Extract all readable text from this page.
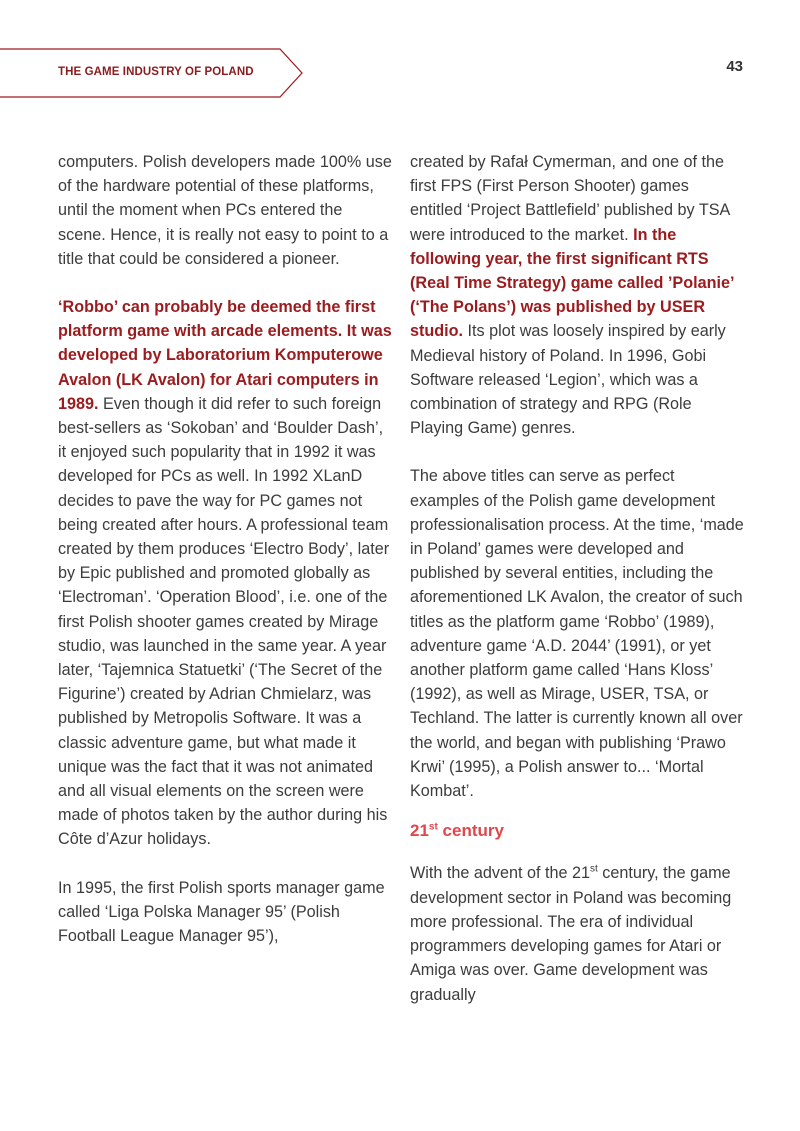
THE GAME INDUSTRY OF POLAND	43

computers. Polish developers made 100% use of the hardware potential of these platforms, until the moment when PCs entered the scene. Hence, it is really not easy to point to a title that could be considered a pioneer.

‘Robbo’ can probably be deemed the first platform game with arcade elements. It was developed by Laboratorium Komputerowe Avalon (LK Avalon) for Atari computers in 1989. Even though it did refer to such foreign best-sellers as ‘Sokoban’ and ‘Boulder Dash’, it enjoyed such popularity that in 1992 it was developed for PCs as well. In 1992 XLanD decides to pave the way for PC games not being created after hours. A professional team created by them produces ‘Electro Body’, later by Epic published and promoted globally as ‘Electroman’. ‘Operation Blood’, i.e. one of the first Polish shooter games created by Mirage studio, was launched in the same year. A year later, ‘Tajemnica Statuetki’ (‘The Secret of the Figurine’) created by Adrian Chmielarz, was published by Metropolis Software. It was a classic adventure game, but what made it unique was the fact that it was not animated and all visual elements on the screen were made of photos taken by the author during his Côte d’Azur holidays.

In 1995, the first Polish sports manager game called ‘Liga Polska Manager 95’ (Polish Football League Manager 95’),

created by Rafał Cymerman, and one of the first FPS (First Person Shooter) games entitled ‘Project Battlefield’ published by TSA were introduced to the market. In the following year, the first significant RTS (Real Time Strategy) game called ’Polanie’ (‘The Polans’) was published by USER studio. Its plot was loosely inspired by early Medieval history of Poland. In 1996, Gobi Software released ‘Legion’, which was a combination of strategy and RPG (Role Playing Game) genres.

The above titles can serve as perfect examples of the Polish game development professionalisation process. At the time, ‘made in Poland’ games were developed and published by several entities, including the aforementioned LK Avalon, the creator of such titles as the platform game ‘Robbo’ (1989), adventure game ‘A.D. 2044’ (1991), or yet another platform game called ‘Hans Kloss’ (1992), as well as Mirage, USER, TSA, or Techland. The latter is currently known all over the world, and began with publishing ‘Prawo Krwi’ (1995), a Polish answer to... ‘Mortal Kombat’.

21st century

With the advent of the 21st century, the game development sector in Poland was becoming more professional. The era of individual programmers developing games for Atari or Amiga was over. Game development was gradually
